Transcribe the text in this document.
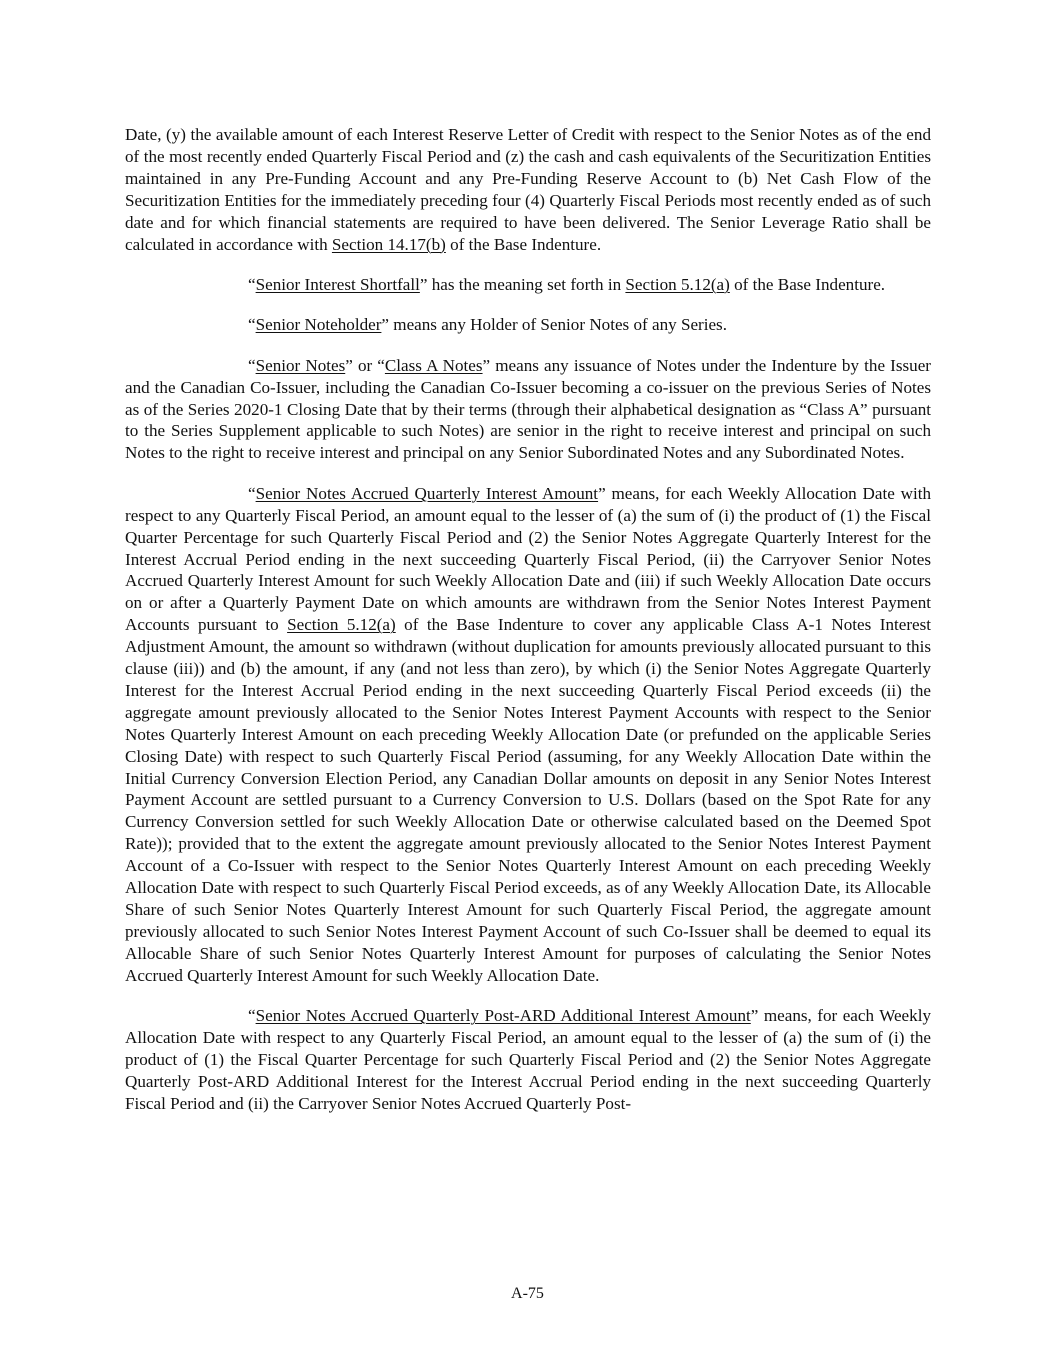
Date, (y) the available amount of each Interest Reserve Letter of Credit with respect to the Senior Notes as of the end of the most recently ended Quarterly Fiscal Period and (z) the cash and cash equivalents of the Securitization Entities maintained in any Pre-Funding Account and any Pre-Funding Reserve Account to (b) Net Cash Flow of the Securitization Entities for the immediately preceding four (4) Quarterly Fiscal Periods most recently ended as of such date and for which financial statements are required to have been delivered. The Senior Leverage Ratio shall be calculated in accordance with Section 14.17(b) of the Base Indenture.

“Senior Interest Shortfall” has the meaning set forth in Section 5.12(a) of the Base Indenture.

“Senior Noteholder” means any Holder of Senior Notes of any Series.

“Senior Notes” or “Class A Notes” means any issuance of Notes under the Indenture by the Issuer and the Canadian Co-Issuer, including the Canadian Co-Issuer becoming a co-issuer on the previous Series of Notes as of the Series 2020-1 Closing Date that by their terms (through their alphabetical designation as “Class A” pursuant to the Series Supplement applicable to such Notes) are senior in the right to receive interest and principal on such Notes to the right to receive interest and principal on any Senior Subordinated Notes and any Subordinated Notes.

“Senior Notes Accrued Quarterly Interest Amount” means, for each Weekly Allocation Date with respect to any Quarterly Fiscal Period, an amount equal to the lesser of (a) the sum of (i) the product of (1) the Fiscal Quarter Percentage for such Quarterly Fiscal Period and (2) the Senior Notes Aggregate Quarterly Interest for the Interest Accrual Period ending in the next succeeding Quarterly Fiscal Period, (ii) the Carryover Senior Notes Accrued Quarterly Interest Amount for such Weekly Allocation Date and (iii) if such Weekly Allocation Date occurs on or after a Quarterly Payment Date on which amounts are withdrawn from the Senior Notes Interest Payment Accounts pursuant to Section 5.12(a) of the Base Indenture to cover any applicable Class A-1 Notes Interest Adjustment Amount, the amount so withdrawn (without duplication for amounts previously allocated pursuant to this clause (iii)) and (b) the amount, if any (and not less than zero), by which (i) the Senior Notes Aggregate Quarterly Interest for the Interest Accrual Period ending in the next succeeding Quarterly Fiscal Period exceeds (ii) the aggregate amount previously allocated to the Senior Notes Interest Payment Accounts with respect to the Senior Notes Quarterly Interest Amount on each preceding Weekly Allocation Date (or prefunded on the applicable Series Closing Date) with respect to such Quarterly Fiscal Period (assuming, for any Weekly Allocation Date within the Initial Currency Conversion Election Period, any Canadian Dollar amounts on deposit in any Senior Notes Interest Payment Account are settled pursuant to a Currency Conversion to U.S. Dollars (based on the Spot Rate for any Currency Conversion settled for such Weekly Allocation Date or otherwise calculated based on the Deemed Spot Rate)); provided that to the extent the aggregate amount previously allocated to the Senior Notes Interest Payment Account of a Co-Issuer with respect to the Senior Notes Quarterly Interest Amount on each preceding Weekly Allocation Date with respect to such Quarterly Fiscal Period exceeds, as of any Weekly Allocation Date, its Allocable Share of such Senior Notes Quarterly Interest Amount for such Quarterly Fiscal Period, the aggregate amount previously allocated to such Senior Notes Interest Payment Account of such Co-Issuer shall be deemed to equal its Allocable Share of such Senior Notes Quarterly Interest Amount for purposes of calculating the Senior Notes Accrued Quarterly Interest Amount for such Weekly Allocation Date.

“Senior Notes Accrued Quarterly Post-ARD Additional Interest Amount” means, for each Weekly Allocation Date with respect to any Quarterly Fiscal Period, an amount equal to the lesser of (a) the sum of (i) the product of (1) the Fiscal Quarter Percentage for such Quarterly Fiscal Period and (2) the Senior Notes Aggregate Quarterly Post-ARD Additional Interest for the Interest Accrual Period ending in the next succeeding Quarterly Fiscal Period and (ii) the Carryover Senior Notes Accrued Quarterly Post-

A-75
